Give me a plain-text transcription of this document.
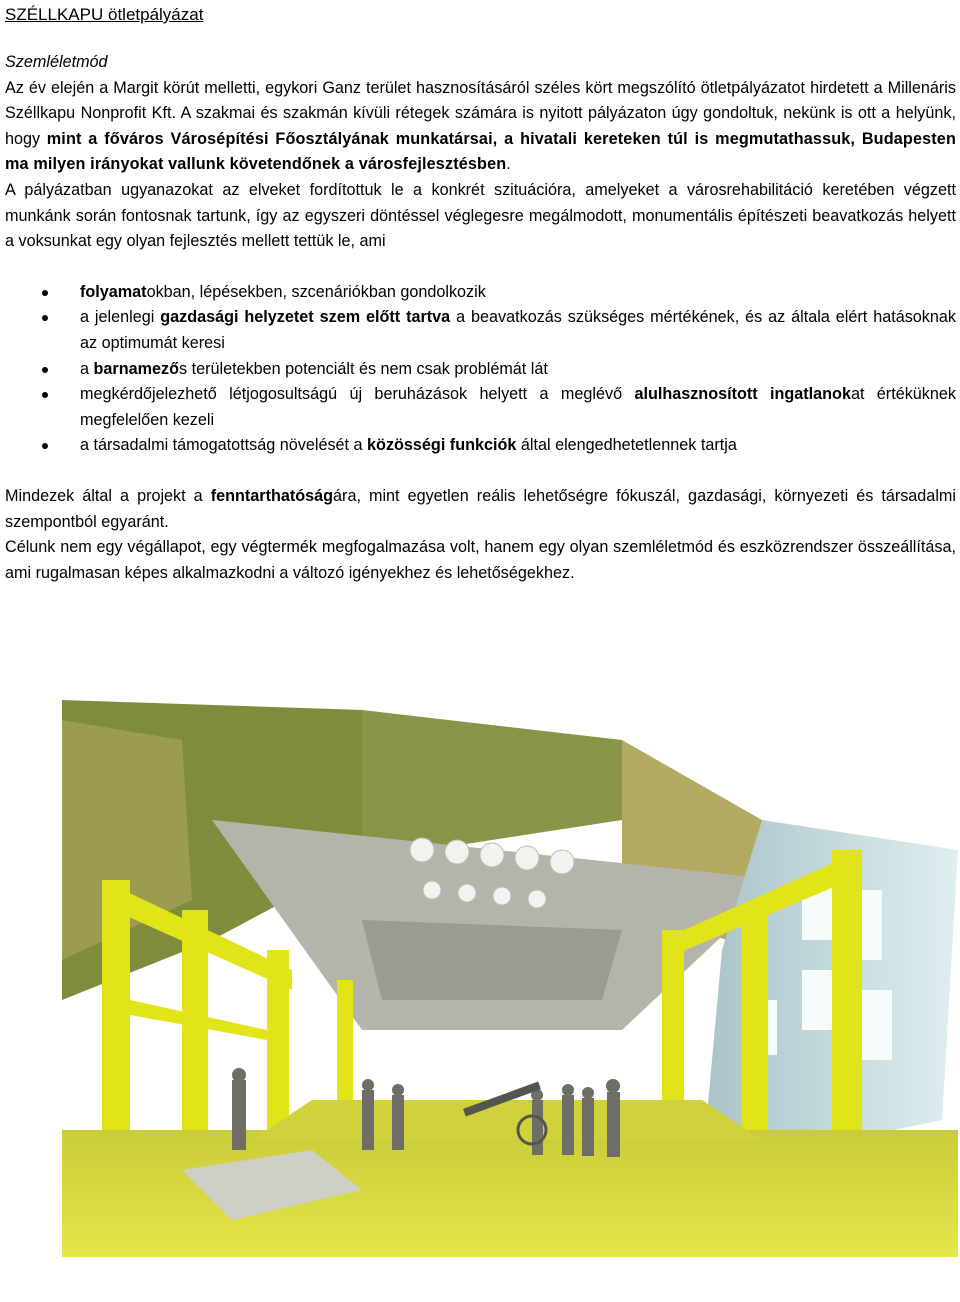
SZÉLLKAPU ötletpályázat

Szemléletmód

Az év elején a Margit körút melletti, egykori Ganz terület hasznosításáról széles kört megszólító ötletpályázatot hirdetett a Millenáris Széllkapu Nonprofit Kft. A szakmai és szakmán kívüli rétegek számára is nyitott pályázaton úgy gondoltuk, nekünk is ott a helyünk, hogy mint a főváros Városépítési Főosztályának munkatársai, a hivatali kereteken túl is megmutathassuk, Budapesten ma milyen irányokat vallunk követendőnek a városfejlesztésben.

A pályázatban ugyanazokat az elveket fordítottuk le a konkrét szituációra, amelyeket a városrehabilitáció keretében végzett munkánk során fontosnak tartunk, így az egyszeri döntéssel véglegesre megálmodott, monumentális építészeti beavatkozás helyett a voksunkat egy olyan fejlesztés mellett tettük le, ami

folyamatokban, lépésekben, szcenáriókban gondolkozik
a jelenlegi gazdasági helyzetet szem előtt tartva a beavatkozás szükséges mértékének, és az általa elért hatásoknak az optimumát keresi
a barnamezős területekben potenciált és nem csak problémát lát
megkérdőjelezhető létjogosultságú új beruházások helyett a meglévő alulhasznosított ingatlanokat értéküknek megfelelően kezeli
a társadalmi támogatottság növelését a közösségi funkciók által elengedhetetlennek tartja

Mindezek által a projekt a fenntarthatóságára, mint egyetlen reális lehetőségre fókuszál, gazdasági, környezeti és társadalmi szempontból egyaránt.

Célunk nem egy végállapot, egy végtermék megfogalmazása volt, hanem egy olyan szemléletmód és eszközrendszer összeállítása, ami rugalmasan képes alkalmazkodni a változó igényekhez és lehetőségekhez.
